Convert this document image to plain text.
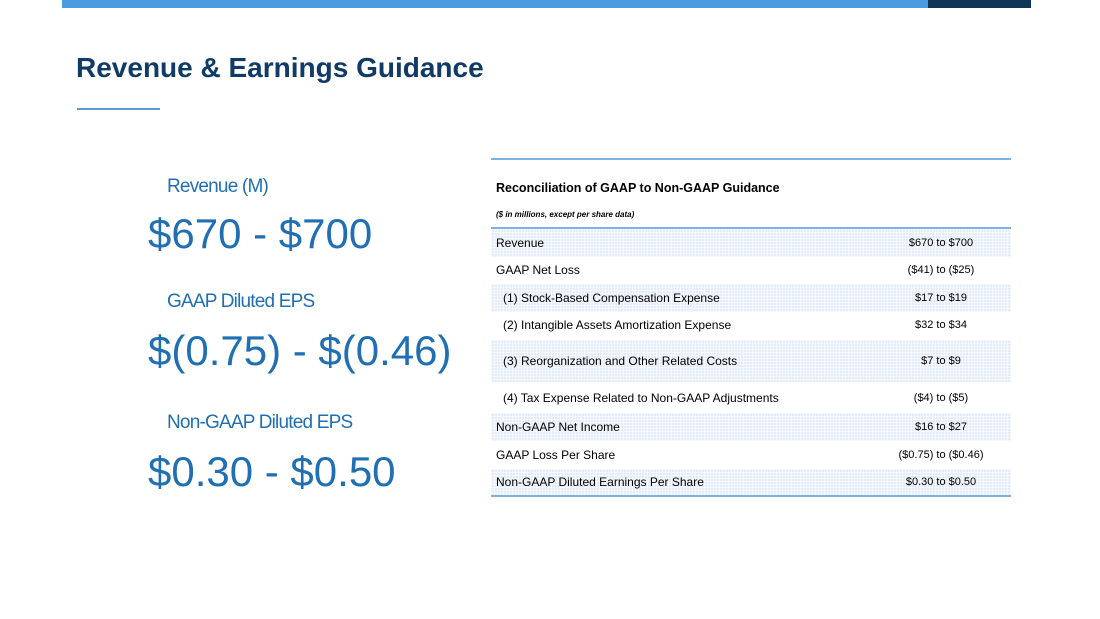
Revenue & Earnings Guidance
Revenue (M)
$670 - $700
GAAP Diluted EPS
$(0.75) - $(0.46)
Non-GAAP Diluted EPS
$0.30 - $0.50
Reconciliation of GAAP to Non-GAAP Guidance
($ in millions, except per share data)
Revenue	$670 to $700
GAAP Net Loss	($41) to ($25)
(1) Stock-Based Compensation Expense	$17 to $19
(2) Intangible Assets Amortization Expense	$32 to $34
(3) Reorganization and Other Related Costs	$7 to $9
(4) Tax Expense Related to Non-GAAP Adjustments	($4) to ($5)
Non-GAAP Net Income	$16 to $27
GAAP Loss Per Share	($0.75) to ($0.46)
Non-GAAP Diluted Earnings Per Share	$0.30 to $0.50
